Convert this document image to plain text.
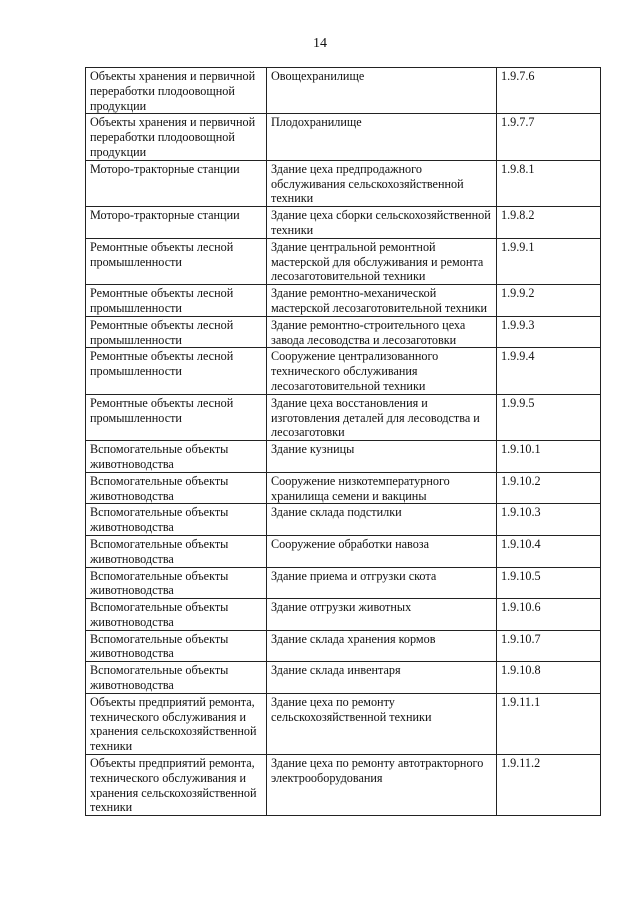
14
Объекты хранения и первичной переработки плодоовощной продукции	Овощехранилище	1.9.7.6
Объекты хранения и первичной переработки плодоовощной продукции	Плодохранилище	1.9.7.7
Моторо-тракторные станции	Здание цеха предпродажного обслуживания сельскохозяйственной техники	1.9.8.1
Моторо-тракторные станции	Здание цеха сборки сельскохозяйственной техники	1.9.8.2
Ремонтные объекты лесной промышленности	Здание центральной ремонтной мастерской для обслуживания и ремонта лесозаготовительной техники	1.9.9.1
Ремонтные объекты лесной промышленности	Здание ремонтно-механической мастерской лесозаготовительной техники	1.9.9.2
Ремонтные объекты лесной промышленности	Здание ремонтно-строительного цеха завода лесоводства и лесозаготовки	1.9.9.3
Ремонтные объекты лесной промышленности	Сооружение централизованного технического обслуживания лесозаготовительной техники	1.9.9.4
Ремонтные объекты лесной промышленности	Здание цеха восстановления и изготовления деталей для лесоводства и лесозаготовки	1.9.9.5
Вспомогательные объекты животноводства	Здание кузницы	1.9.10.1
Вспомогательные объекты животноводства	Сооружение низкотемпературного хранилища семени и вакцины	1.9.10.2
Вспомогательные объекты животноводства	Здание склада подстилки	1.9.10.3
Вспомогательные объекты животноводства	Сооружение обработки навоза	1.9.10.4
Вспомогательные объекты животноводства	Здание приема и отгрузки скота	1.9.10.5
Вспомогательные объекты животноводства	Здание отгрузки животных	1.9.10.6
Вспомогательные объекты животноводства	Здание склада хранения кормов	1.9.10.7
Вспомогательные объекты животноводства	Здание склада инвентаря	1.9.10.8
Объекты предприятий ремонта, технического обслуживания и хранения сельскохозяйственной техники	Здание цеха по ремонту сельскохозяйственной техники	1.9.11.1
Объекты предприятий ремонта, технического обслуживания и хранения сельскохозяйственной техники	Здание цеха по ремонту автотракторного электрооборудования	1.9.11.2
